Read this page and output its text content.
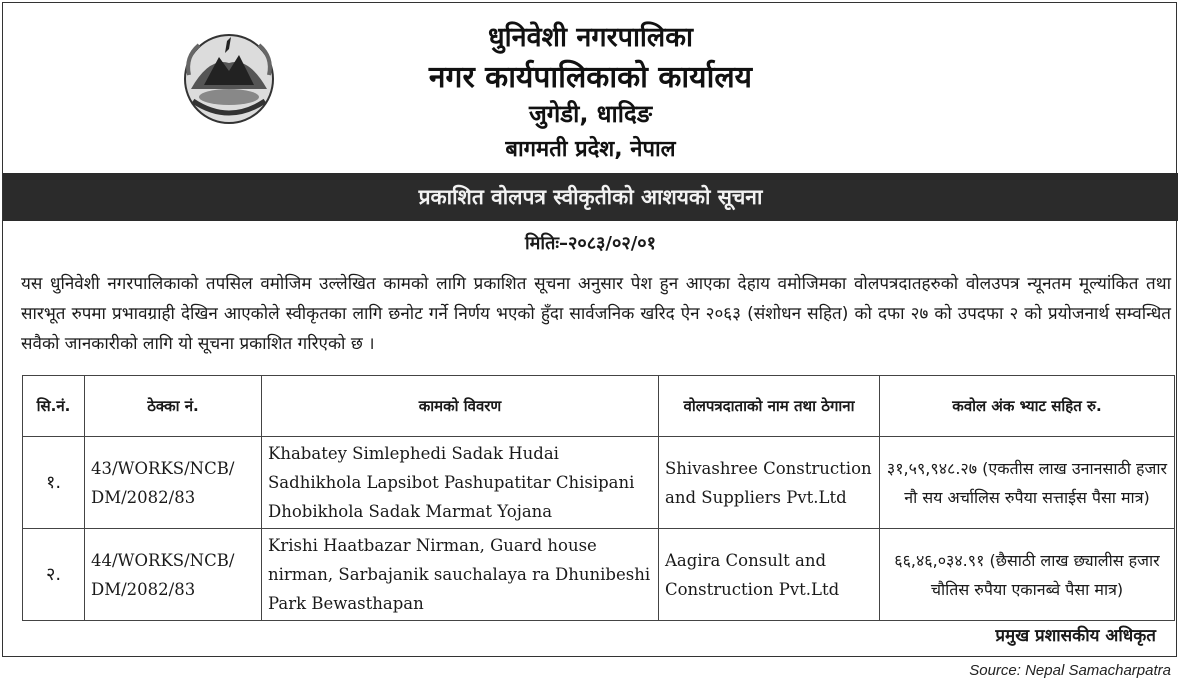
धुनिवेशी नगरपालिका
नगर कार्यपालिकाको कार्यालय
जुगेडी, धादिङ
बागमती प्रदेश, नेपाल
प्रकाशित वोलपत्र स्वीकृतीको आशयको सूचना
मितिः–२०८३/०२/०१
यस धुनिवेशी नगरपालिकाको तपसिल वमोजिम उल्लेखित कामको लागि प्रकाशित सूचना अनुसार पेश हुन आएका देहाय वमोजिमका वोलपत्रदातहरुको वोलउपत्र न्यूनतम मूल्यांकित तथा सारभूत रुपमा प्रभावग्राही देखिन आएकोले स्वीकृतका लागि छनोट गर्ने निर्णय भएको हुँदा सार्वजनिक खरिद ऐन २०६३ (संशोधन सहित) को दफा २७ को उपदफा २ को प्रयोजनार्थ सम्वन्धित सवैको जानकारीको लागि यो सूचना प्रकाशित गरिएको छ ।
सि.नं.	ठेक्का नं.	कामको विवरण	वोलपत्रदाताको नाम तथा ठेगाना	कवोल अंक भ्याट सहित रु.
१.	43/WORKS/NCB/ DM/2082/83	Khabatey Simlephedi Sadak Hudai Sadhikhola Lapsibot Pashupatitar Chisipani Dhobikhola Sadak Marmat Yojana	Shivashree Construction and Suppliers Pvt.Ltd	३१,५९,९४८.२७ (एकतीस लाख उनानसाठी हजार नौ सय अर्चालिस रुपैया सत्ताईस पैसा मात्र)
२.	44/WORKS/NCB/ DM/2082/83	Krishi Haatbazar Nirman, Guard house nirman, Sarbajanik sauchalaya ra Dhunibeshi Park Bewasthapan	Aagira Consult and Construction Pvt.Ltd	६६,४६,०३४.९१ (छैसाठी लाख छ्यालीस हजार चौतिस रुपैया एकानब्वे पैसा मात्र)
प्रमुख प्रशासकीय अधिकृत
Source: Nepal Samacharpatra
